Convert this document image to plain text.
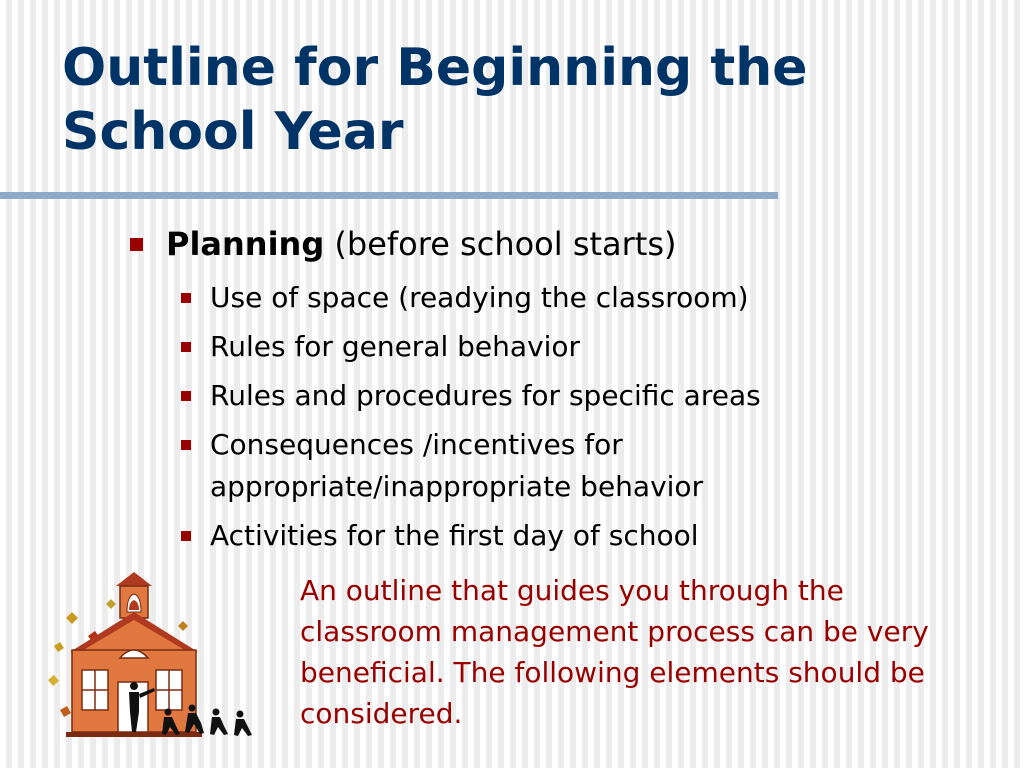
Outline for Beginning the School Year
Planning (before school starts)
Use of space (readying the classroom)
Rules for general behavior
Rules and procedures for specific areas
Consequences /incentives for appropriate/inappropriate behavior
Activities for the first day of school

An outline that guides you through the classroom management process can be very beneficial. The following elements should be considered.
